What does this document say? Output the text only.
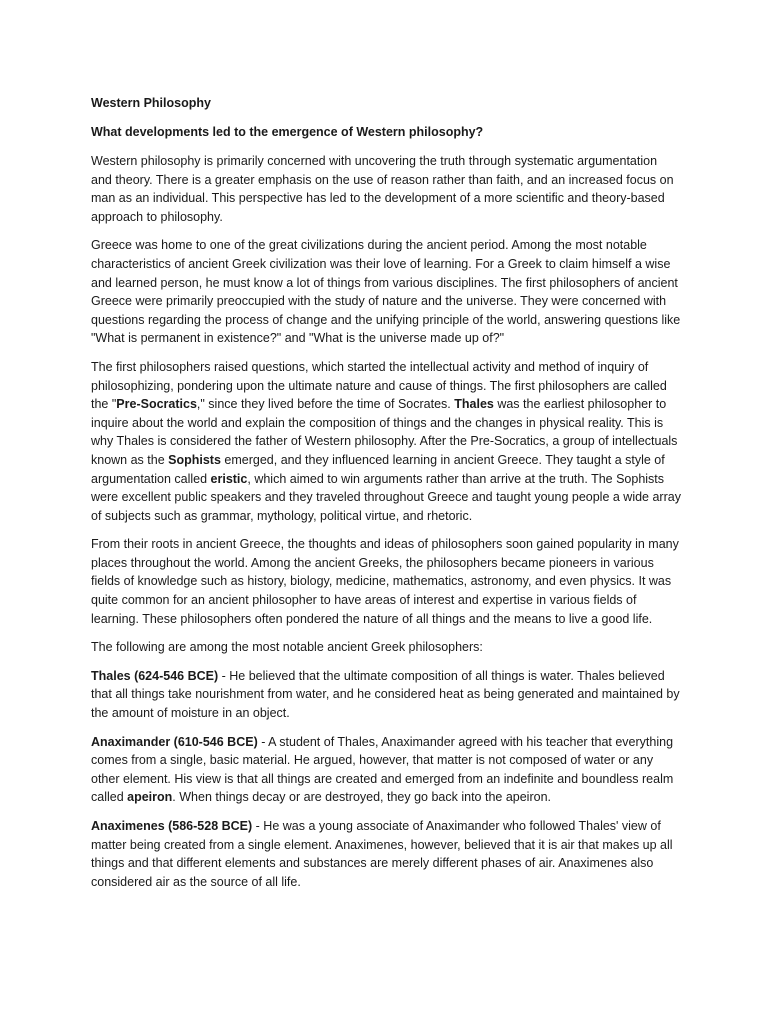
Western Philosophy
What developments led to the emergence of Western philosophy?

Western philosophy is primarily concerned with uncovering the truth through systematic argumentation and theory. There is a greater emphasis on the use of reason rather than faith, and an increased focus on man as an individual. This perspective has led to the development of a more scientific and theory-based approach to philosophy.

Greece was home to one of the great civilizations during the ancient period. Among the most notable characteristics of ancient Greek civilization was their love of learning. For a Greek to claim himself a wise and learned person, he must know a lot of things from various disciplines. The first philosophers of ancient Greece were primarily preoccupied with the study of nature and the universe. They were concerned with questions regarding the process of change and the unifying principle of the world, answering questions like "What is permanent in existence?" and "What is the universe made up of?"

The first philosophers raised questions, which started the intellectual activity and method of inquiry of philosophizing, pondering upon the ultimate nature and cause of things. The first philosophers are called the "Pre-Socratics," since they lived before the time of Socrates. Thales was the earliest philosopher to inquire about the world and explain the composition of things and the changes in physical reality. This is why Thales is considered the father of Western philosophy. After the Pre-Socratics, a group of intellectuals known as the Sophists emerged, and they influenced learning in ancient Greece. They taught a style of argumentation called eristic, which aimed to win arguments rather than arrive at the truth. The Sophists were excellent public speakers and they traveled throughout Greece and taught young people a wide array of subjects such as grammar, mythology, political virtue, and rhetoric.

From their roots in ancient Greece, the thoughts and ideas of philosophers soon gained popularity in many places throughout the world. Among the ancient Greeks, the philosophers became pioneers in various fields of knowledge such as history, biology, medicine, mathematics, astronomy, and even physics. It was quite common for an ancient philosopher to have areas of interest and expertise in various fields of learning. These philosophers often pondered the nature of all things and the means to live a good life.

The following are among the most notable ancient Greek philosophers:

Thales (624-546 BCE) - He believed that the ultimate composition of all things is water. Thales believed that all things take nourishment from water, and he considered heat as being generated and maintained by the amount of moisture in an object.

Anaximander (610-546 BCE) - A student of Thales, Anaximander agreed with his teacher that everything comes from a single, basic material. He argued, however, that matter is not composed of water or any other element. His view is that all things are created and emerged from an indefinite and boundless realm called apeiron. When things decay or are destroyed, they go back into the apeiron.

Anaximenes (586-528 BCE) - He was a young associate of Anaximander who followed Thales' view of matter being created from a single element. Anaximenes, however, believed that it is air that makes up all things and that different elements and substances are merely different phases of air. Anaximenes also considered air as the source of all life.
